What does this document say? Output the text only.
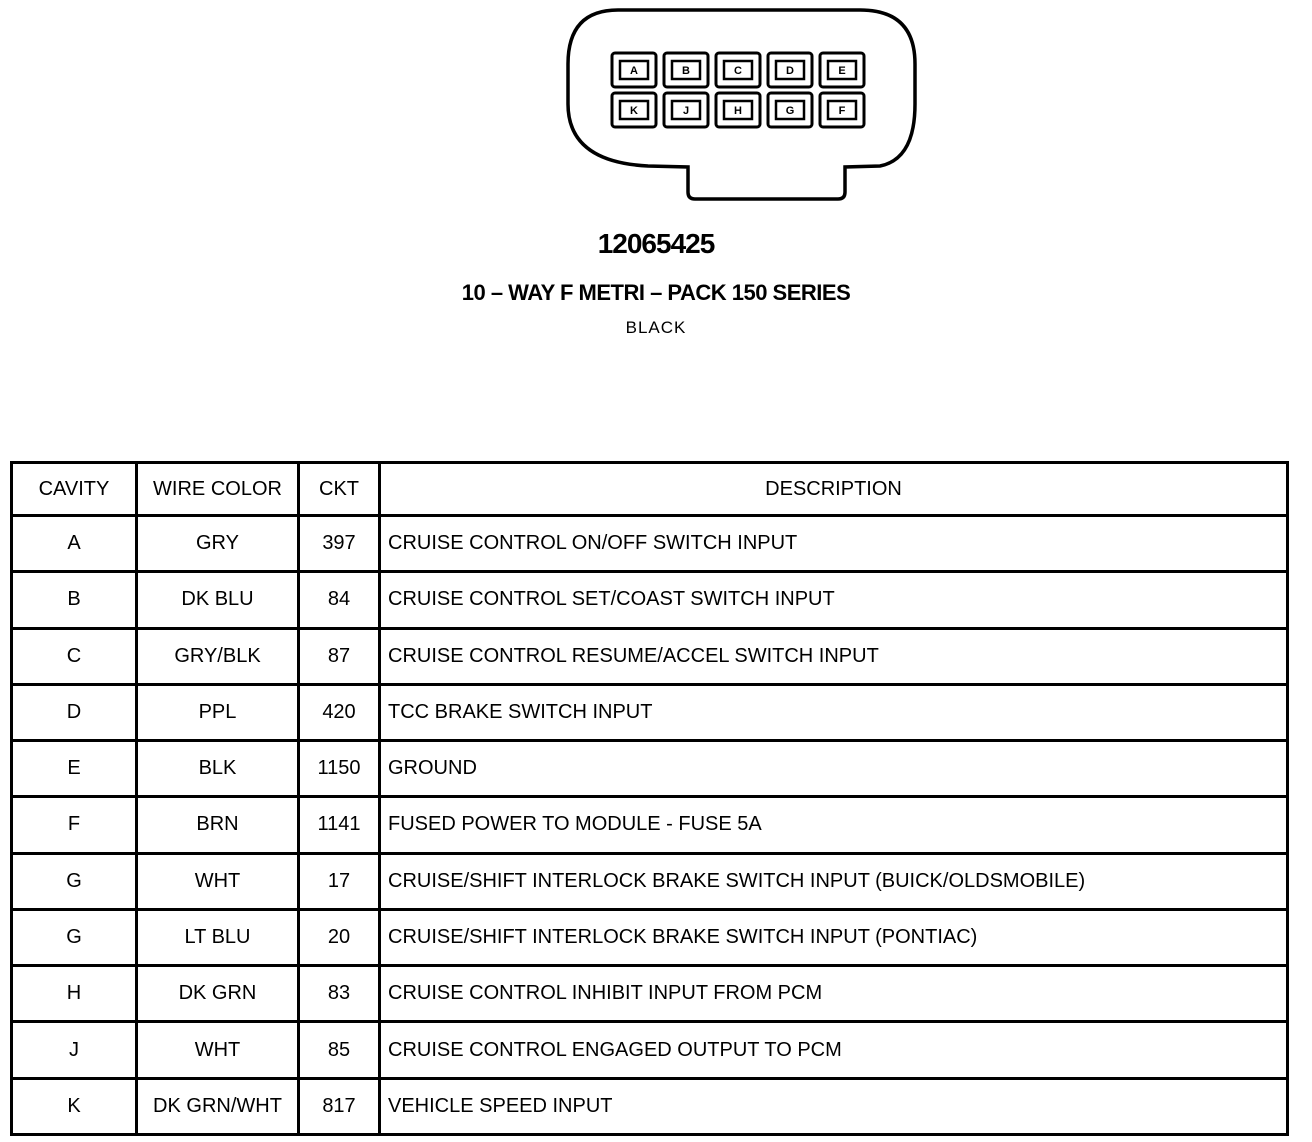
A	B	C	D	E
K	J	H	G	F
12065425
10 – WAY F METRI – PACK 150 SERIES
BLACK
CAVITY	WIRE COLOR	CKT	DESCRIPTION
A	GRY	397	CRUISE CONTROL ON/OFF SWITCH INPUT
B	DK BLU	84	CRUISE CONTROL SET/COAST SWITCH INPUT
C	GRY/BLK	87	CRUISE CONTROL RESUME/ACCEL SWITCH INPUT
D	PPL	420	TCC BRAKE SWITCH INPUT
E	BLK	1150	GROUND
F	BRN	1141	FUSED POWER TO MODULE - FUSE 5A
G	WHT	17	CRUISE/SHIFT INTERLOCK BRAKE SWITCH INPUT (BUICK/OLDSMOBILE)
G	LT BLU	20	CRUISE/SHIFT INTERLOCK BRAKE SWITCH INPUT (PONTIAC)
H	DK GRN	83	CRUISE CONTROL INHIBIT INPUT FROM PCM
J	WHT	85	CRUISE CONTROL ENGAGED OUTPUT TO PCM
K	DK GRN/WHT	817	VEHICLE SPEED INPUT
